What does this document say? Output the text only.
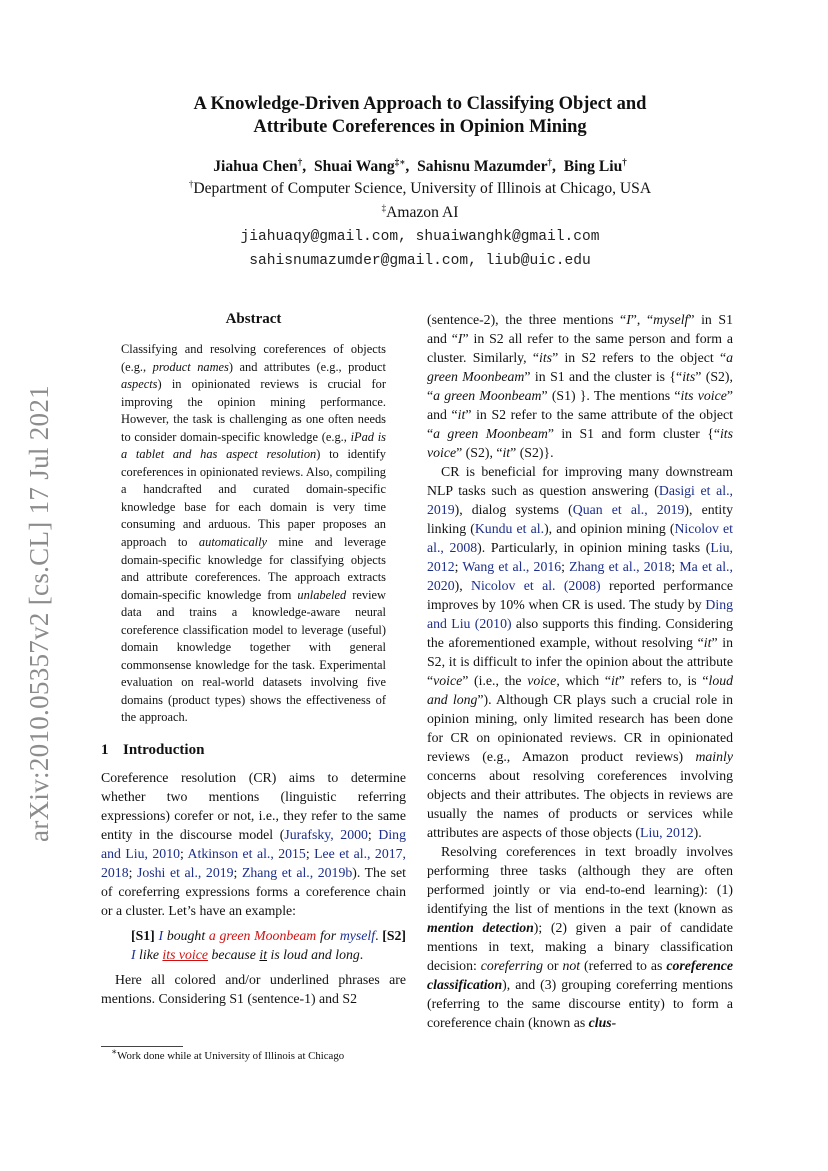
arXiv:2010.05357v2 [cs.CL] 17 Jul 2021
A Knowledge-Driven Approach to Classifying Object and
Attribute Coreferences in Opinion Mining
Jiahua Chen†,  Shuai Wang‡∗,  Sahisnu Mazumder†,  Bing Liu†
†Department of Computer Science, University of Illinois at Chicago, USA
‡Amazon AI
jiahuaqy@gmail.com, shuaiwanghk@gmail.com
sahisnumazumder@gmail.com, liub@uic.edu
Abstract
Classifying and resolving coreferences of objects (e.g., product names) and attributes (e.g., product aspects) in opinionated reviews is crucial for improving the opinion mining performance. However, the task is challenging as one often needs to consider domain-specific knowledge (e.g., iPad is a tablet and has aspect resolution) to identify coreferences in opinionated reviews. Also, compiling a handcrafted and curated domain-specific knowledge base for each domain is very time consuming and arduous. This paper proposes an approach to automatically mine and leverage domain-specific knowledge for classifying objects and attribute coreferences. The approach extracts domain-specific knowledge from unlabeled review data and trains a knowledge-aware neural coreference classification model to leverage (useful) domain knowledge together with general commonsense knowledge for the task. Experimental evaluation on real-world datasets involving five domains (product types) shows the effectiveness of the approach.
1 Introduction

Coreference resolution (CR) aims to determine whether two mentions (linguistic referring expressions) corefer or not, i.e., they refer to the same entity in the discourse model (Jurafsky, 2000; Ding and Liu, 2010; Atkinson et al., 2015; Lee et al., 2017, 2018; Joshi et al., 2019; Zhang et al., 2019b). The set of coreferring expressions forms a coreference chain or a cluster. Let’s have an example:

[S1] I bought a green Moonbeam for myself. [S2] I like its voice because it is loud and long.

Here all colored and/or underlined phrases are mentions. Considering S1 (sentence-1) and S2

∗Work done while at University of Illinois at Chicago

(sentence-2), the three mentions “I”, “myself” in S1 and “I” in S2 all refer to the same person and form a cluster. Similarly, “its” in S2 refers to the object “a green Moonbeam” in S1 and the cluster is {“its” (S2), “a green Moonbeam” (S1) }. The mentions “its voice” and “it” in S2 refer to the same attribute of the object “a green Moonbeam” in S1 and form cluster {“its voice” (S2), “it” (S2)}.

CR is beneficial for improving many downstream NLP tasks such as question answering (Dasigi et al., 2019), dialog systems (Quan et al., 2019), entity linking (Kundu et al.), and opinion mining (Nicolov et al., 2008). Particularly, in opinion mining tasks (Liu, 2012; Wang et al., 2016; Zhang et al., 2018; Ma et al., 2020), Nicolov et al. (2008) reported performance improves by 10% when CR is used. The study by Ding and Liu (2010) also supports this finding. Considering the aforementioned example, without resolving “it” in S2, it is difficult to infer the opinion about the attribute “voice” (i.e., the voice, which “it” refers to, is “loud and long”). Although CR plays such a crucial role in opinion mining, only limited research has been done for CR on opinionated reviews. CR in opinionated reviews (e.g., Amazon product reviews) mainly concerns about resolving coreferences involving objects and their attributes. The objects in reviews are usually the names of products or services while attributes are aspects of those objects (Liu, 2012).

Resolving coreferences in text broadly involves performing three tasks (although they are often performed jointly or via end-to-end learning): (1) identifying the list of mentions in the text (known as mention detection); (2) given a pair of candidate mentions in text, making a binary classification decision: coreferring or not (referred to as coreference classification), and (3) grouping coreferring mentions (referring to the same discourse entity) to form a coreference chain (known as clus-
